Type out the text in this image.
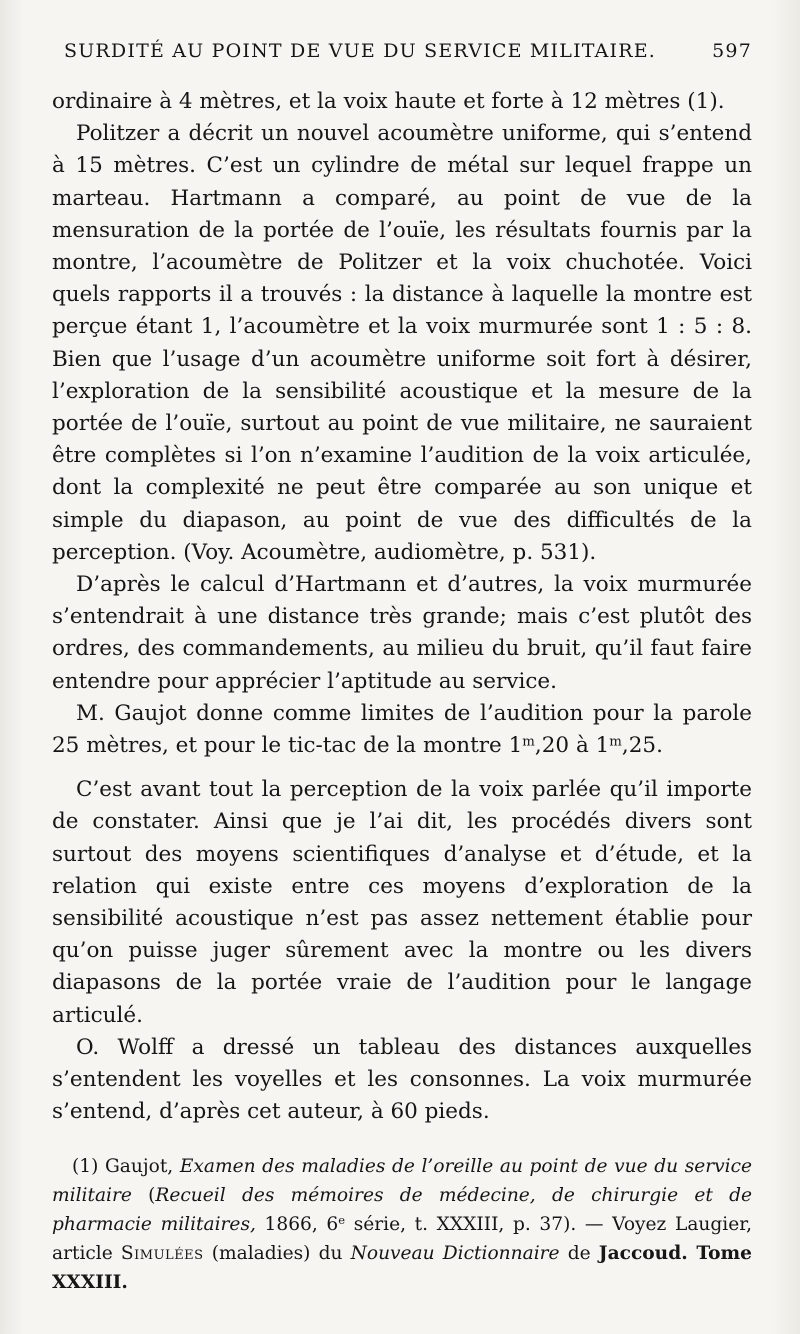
SURDITÉ AU POINT DE VUE DU SERVICE MILITAIRE.	597

ordinaire à 4 mètres, et la voix haute et forte à 12 mètres (1).

Politzer a décrit un nouvel acoumètre uniforme, qui s’entend à 15 mètres. C’est un cylindre de métal sur lequel frappe un marteau. Hartmann a comparé, au point de vue de la mensuration de la portée de l’ouïe, les résultats fournis par la montre, l’acoumètre de Politzer et la voix chuchotée. Voici quels rapports il a trouvés : la distance à laquelle la montre est perçue étant 1, l’acoumètre et la voix murmurée sont 1 : 5 : 8. Bien que l’usage d’un acoumètre uniforme soit fort à désirer, l’exploration de la sensibilité acoustique et la mesure de la portée de l’ouïe, surtout au point de vue militaire, ne sauraient être complètes si l’on n’examine l’audition de la voix articulée, dont la complexité ne peut être comparée au son unique et simple du diapason, au point de vue des difficultés de la perception. (Voy. Acoumètre, audiomètre, p. 531).

D’après le calcul d’Hartmann et d’autres, la voix murmurée s’entendrait à une distance très grande; mais c’est plutôt des ordres, des commandements, au milieu du bruit, qu’il faut faire entendre pour apprécier l’aptitude au service.

M. Gaujot donne comme limites de l’audition pour la parole 25 mètres, et pour le tic-tac de la montre 1$^m$,20 à 1$^m$,25.

C’est avant tout la perception de la voix parlée qu’il importe de constater. Ainsi que je l’ai dit, les procédés divers sont surtout des moyens scientifiques d’analyse et d’étude, et la relation qui existe entre ces moyens d’exploration de la sensibilité acoustique n’est pas assez nettement établie pour qu’on puisse juger sûrement avec la montre ou les divers diapasons de la portée vraie de l’audition pour le langage articulé.

O. Wolff a dressé un tableau des distances auxquelles s’entendent les voyelles et les consonnes. La voix murmurée s’entend, d’après cet auteur, à 60 pieds.

(1) Gaujot, Examen des maladies de l’oreille au point de vue du service militaire (Recueil des mémoires de médecine, de chirurgie et de pharmacie militaires, 1866, 6e série, t. XXXIII, p. 37). — Voyez Laugier, article Simulées (maladies) du Nouveau Dictionnaire de Jaccoud. Tome XXXIII.
